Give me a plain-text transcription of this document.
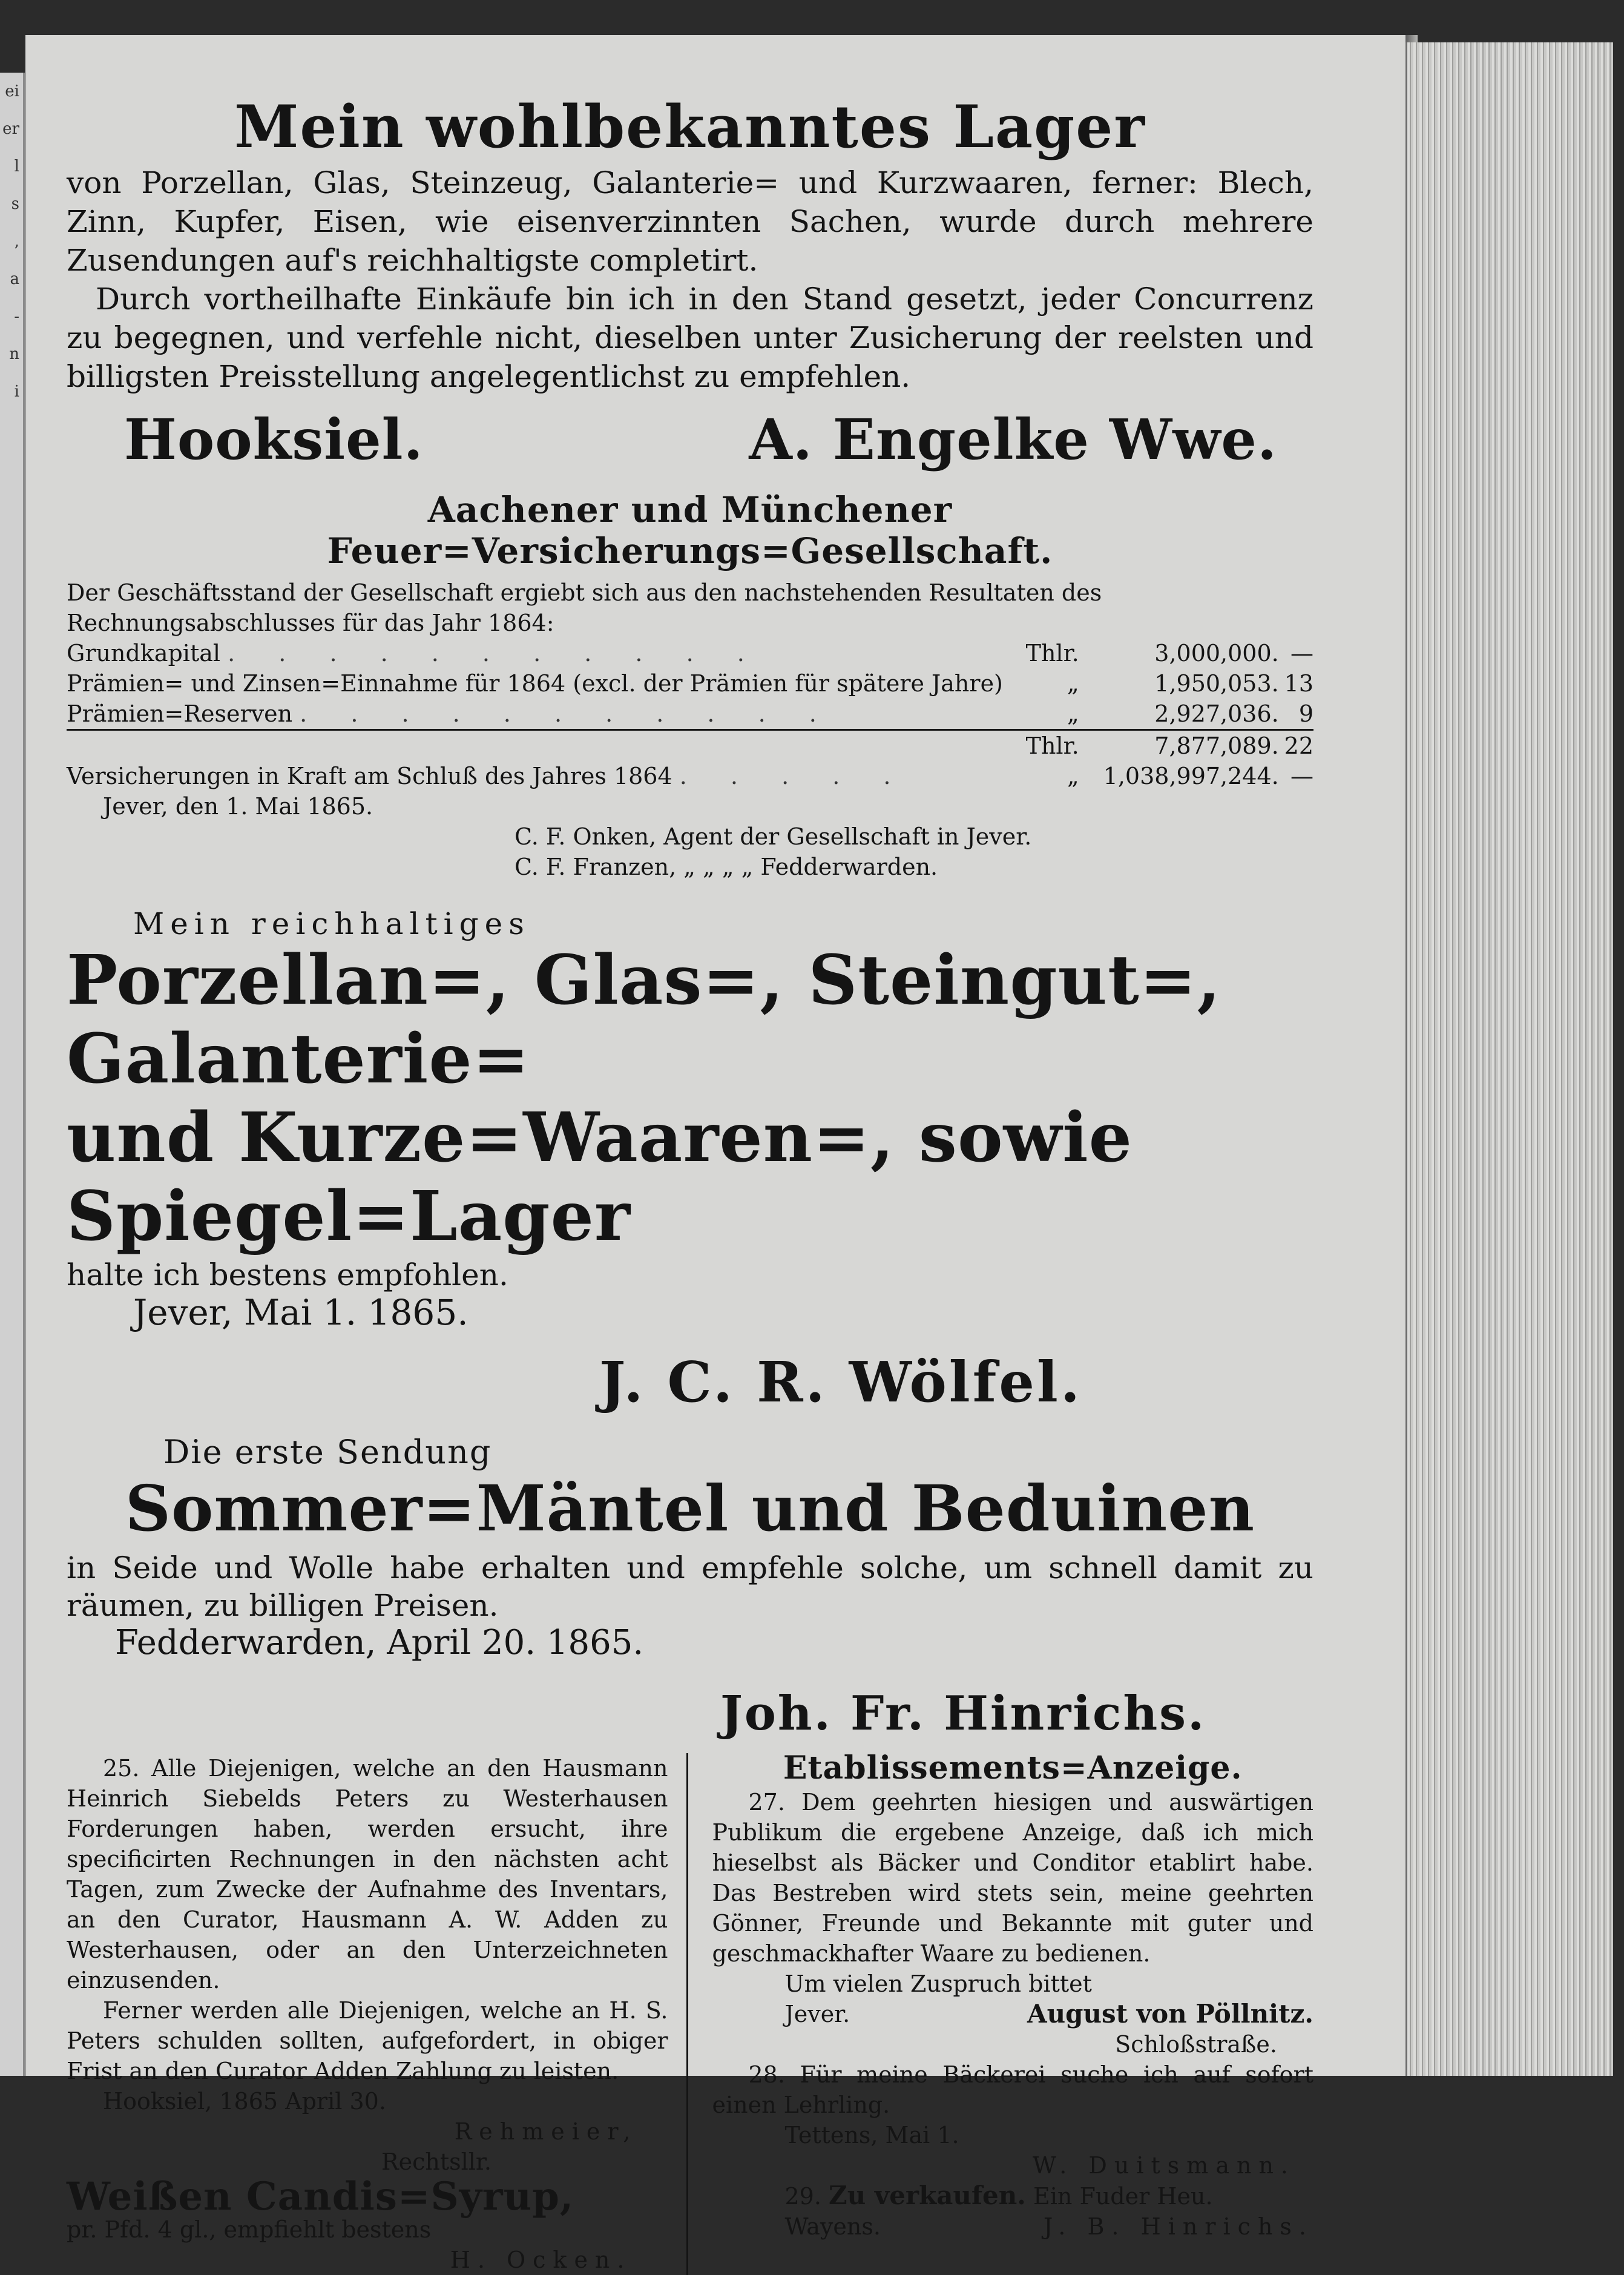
ei
er
l
s
,
a
-
n
i
Mein wohlbekanntes Lager

von Porzellan, Glas, Steinzeug, Galanterie= und Kurzwaaren, ferner: Blech, Zinn, Kupfer, Eisen, wie eisenverzinnten Sachen, wurde durch mehrere Zusendungen auf's reichhaltigste completirt.

Durch vortheilhafte Einkäufe bin ich in den Stand gesetzt, jeder Concurrenz zu begegnen, und verfehle nicht, dieselben unter Zusicherung der reelsten und billigsten Preisstellung angelegentlichst zu empfehlen.

Hooksiel.	A. Engelke Wwe.
Aachener und Münchener Feuer=Versicherungs=Gesellschaft.

Der Geschäftsstand der Gesellschaft ergiebt sich aus den nachstehenden Resultaten des Rechnungsabschlusses für das Jahr 1864:

Grundkapital . . . . . . . . . . .	Thlr.	3,000,000.	—
Prämien= und Zinsen=Einnahme für 1864 (excl. der Prämien für spätere Jahre)	„	1,950,053.	13
Prämien=Reserven . . . . . . . . . . .	„	2,927,036.	9
	Thlr.	7,877,089.	22
Versicherungen in Kraft am Schluß des Jahres 1864 . . . . .	„	1,038,997,244.	—

Jever, den 1. Mai 1865.

C. F. Onken, Agent der Gesellschaft in Jever.

C. F. Franzen, „ „ „ „ Fedderwarden.

Mein reichhaltiges

Porzellan=, Glas=, Steingut=, Galanterie=

und Kurze=Waaren=, sowie Spiegel=Lager

halte ich bestens empfohlen.

Jever, Mai 1. 1865.

J. C. R. Wölfel.
Die erste Sendung
Sommer=Mäntel und Beduinen

in Seide und Wolle habe erhalten und empfehle solche, um schnell damit zu räumen, zu billigen Preisen.

Fedderwarden, April 20. 1865.

Joh. Fr. Hinrichs.

25. Alle Diejenigen, welche an den Hausmann Heinrich Siebelds Peters zu Westerhausen Forderungen haben, werden ersucht, ihre specificirten Rechnungen in den nächsten acht Tagen, zum Zwecke der Aufnahme des Inventars, an den Curator, Hausmann A. W. Adden zu Westerhausen, oder an den Unterzeichneten einzusenden.

Ferner werden alle Diejenigen, welche an H. S. Peters schulden sollten, aufgefordert, in obiger Frist an den Curator Adden Zahlung zu leisten.

Hooksiel, 1865 April 30.

Rehmeier,

Rechtsllr.

Weißen Candis=Syrup,

pr. Pfd. 4 gl., empfiehlt bestens

H. Ocken.

Etablissements=Anzeige.

27. Dem geehrten hiesigen und auswärtigen Publikum die ergebene Anzeige, daß ich mich hieselbst als Bäcker und Conditor etablirt habe. Das Bestreben wird stets sein, meine geehrten Gönner, Freunde und Bekannte mit guter und geschmackhafter Waare zu bedienen.

Um vielen Zuspruch bittet

Jever.	August von Pöllnitz.

Schloßstraße.

28. Für meine Bäckerei suche ich auf sofort einen Lehrling.

Tettens, Mai 1.

W. Duitsmann.

29. Zu verkaufen. Ein Fuder Heu.

Wayens.	J. B. Hinrichs.
